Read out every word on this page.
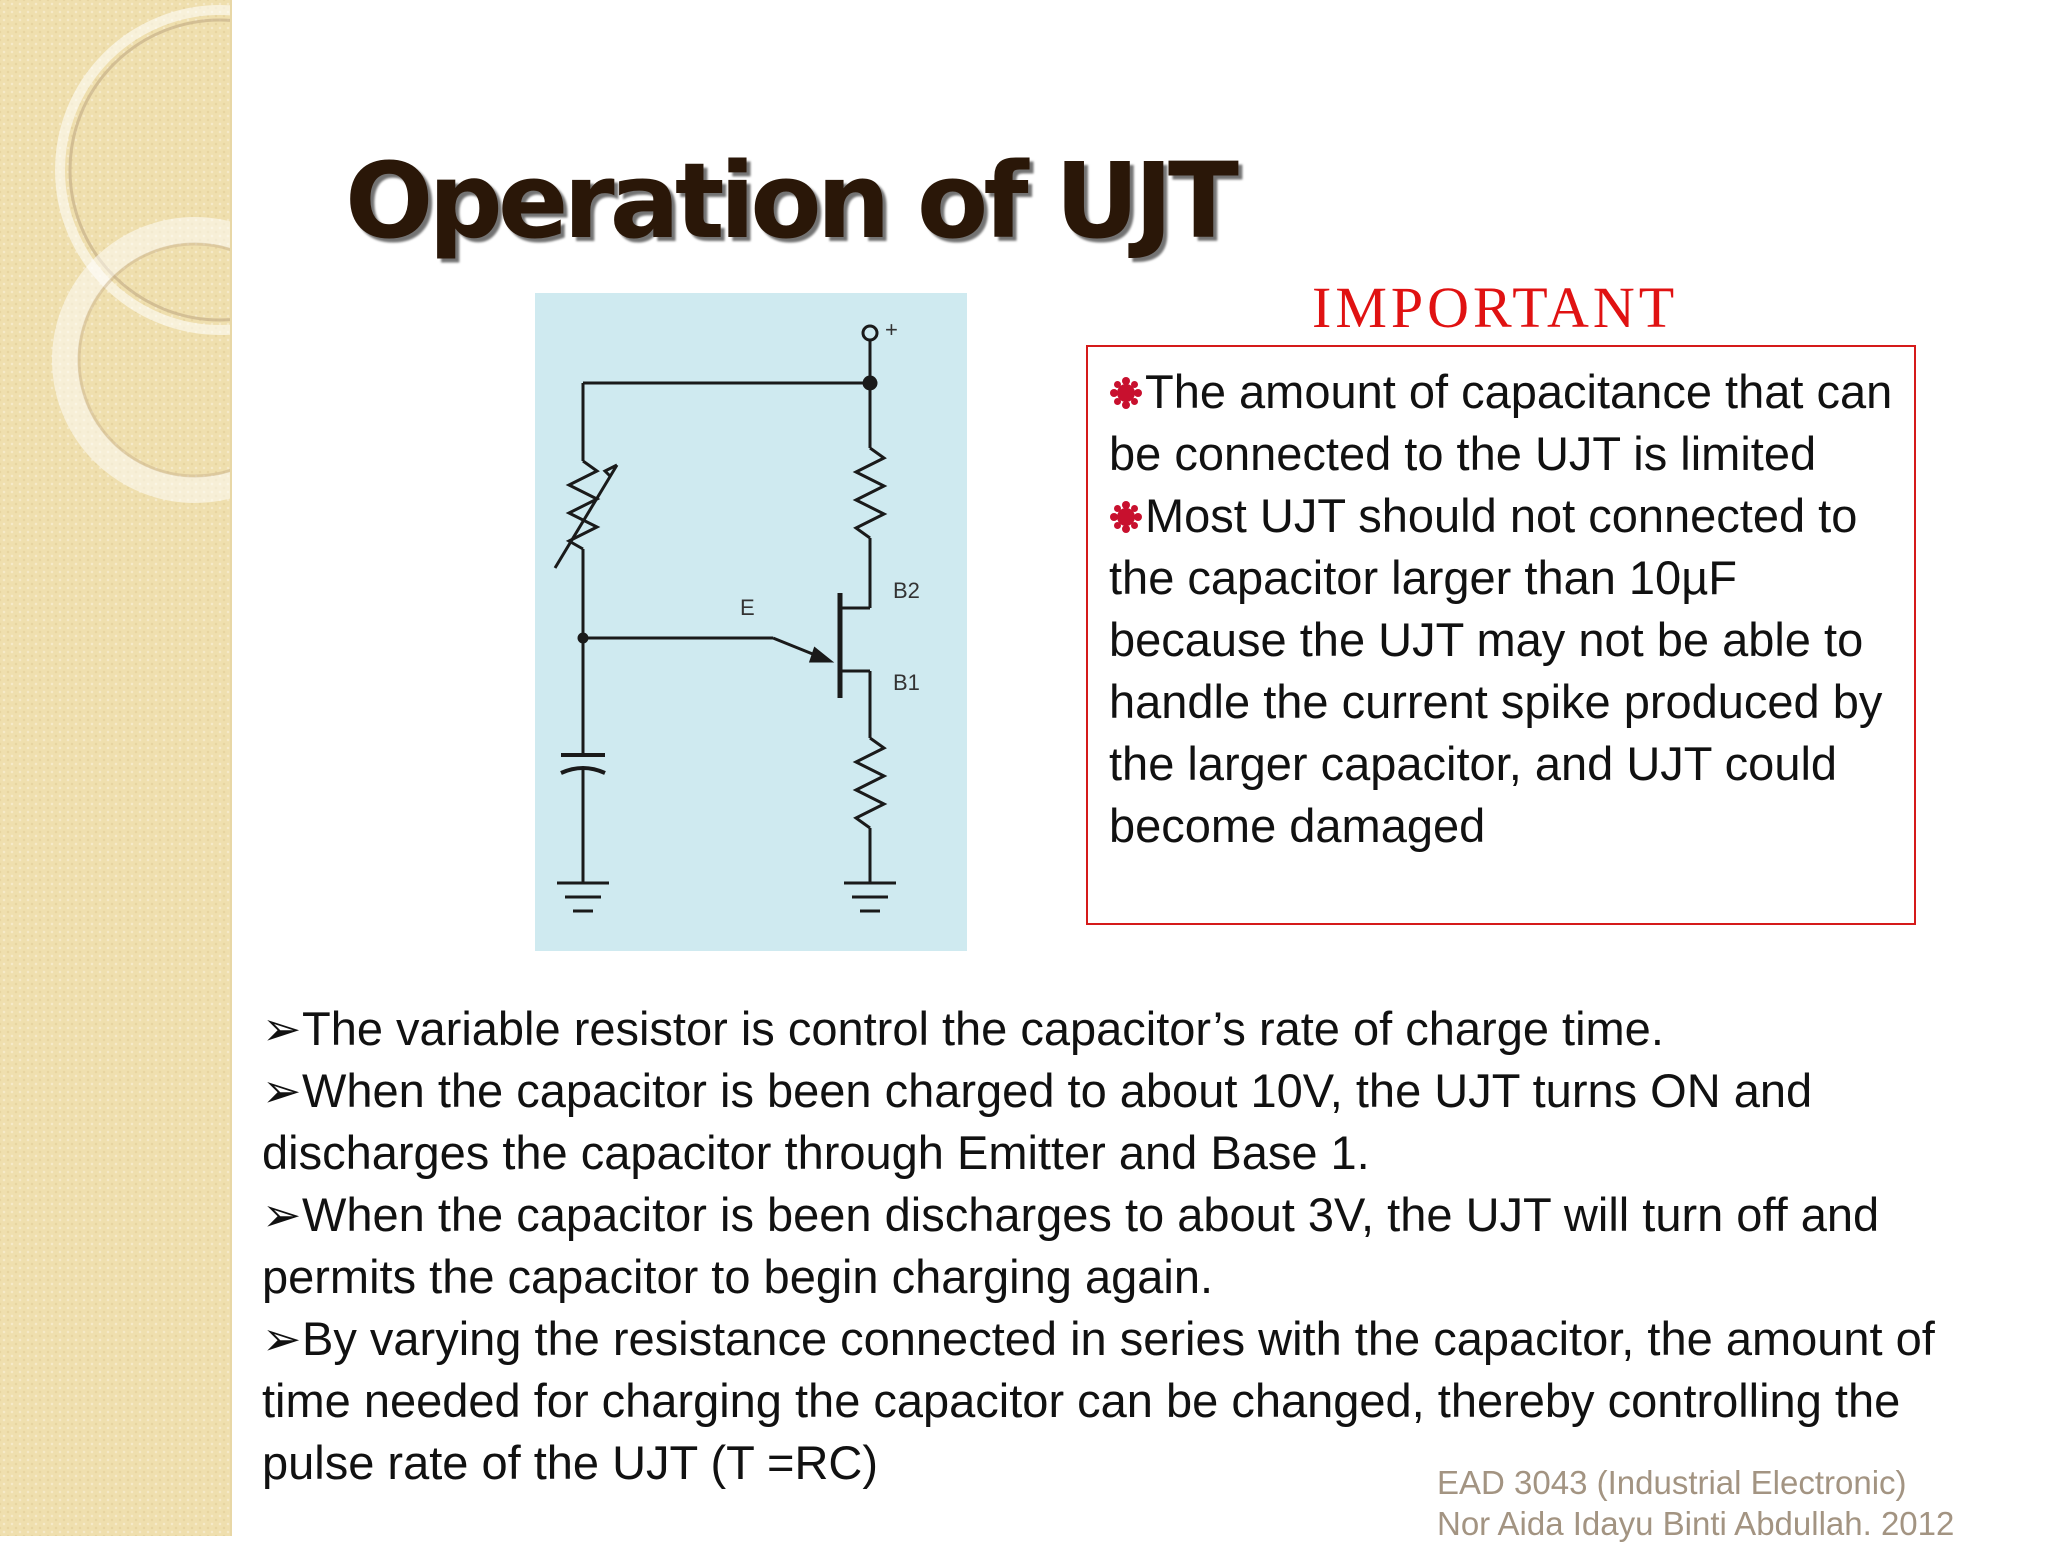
Operation of UJT
+
E
B2
B1

The amount of capacitance that can be connected to the UJT is limited

Most UJT should not connected to the capacitor larger than 10µF because the UJT may not be able to handle the current spike produced by the larger capacitor, and UJT could become damaged

IMPORTANT

➢The variable resistor is control the capacitor’s rate of charge time.

➢When the capacitor is been charged to about 10V, the UJT turns ON and discharges the capacitor through Emitter and Base 1.

➢When the capacitor is been discharges to about 3V, the UJT will turn off and permits the capacitor to begin charging again.

➢By varying the resistance connected in series with the capacitor, the amount of time needed for charging the capacitor can be changed, thereby controlling the pulse rate of the UJT (T =RC)	EAD 3043 (Industrial Electronic)
Nor Aida Idayu Binti Abdullah. 2012
